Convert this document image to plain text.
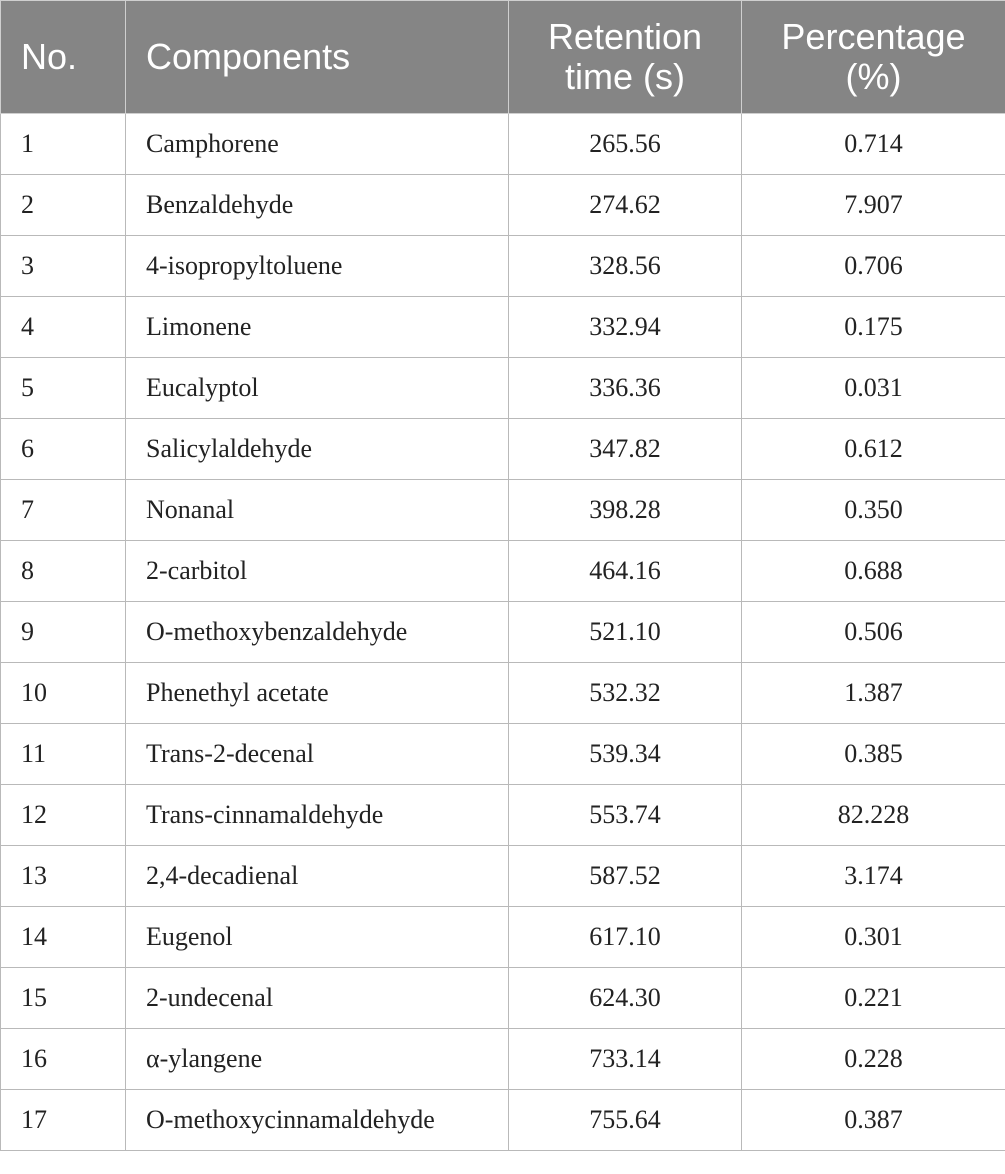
No.	Components	Retention time (s)	Percentage (%)
1	Camphorene	265.56	0.714
2	Benzaldehyde	274.62	7.907
3	4-isopropyltoluene	328.56	0.706
4	Limonene	332.94	0.175
5	Eucalyptol	336.36	0.031
6	Salicylaldehyde	347.82	0.612
7	Nonanal	398.28	0.350
8	2-carbitol	464.16	0.688
9	O-methoxybenzaldehyde	521.10	0.506
10	Phenethyl acetate	532.32	1.387
11	Trans-2-decenal	539.34	0.385
12	Trans-cinnamaldehyde	553.74	82.228
13	2,4-decadienal	587.52	3.174
14	Eugenol	617.10	0.301
15	2-undecenal	624.30	0.221
16	α-ylangene	733.14	0.228
17	O-methoxycinnamaldehyde	755.64	0.387
